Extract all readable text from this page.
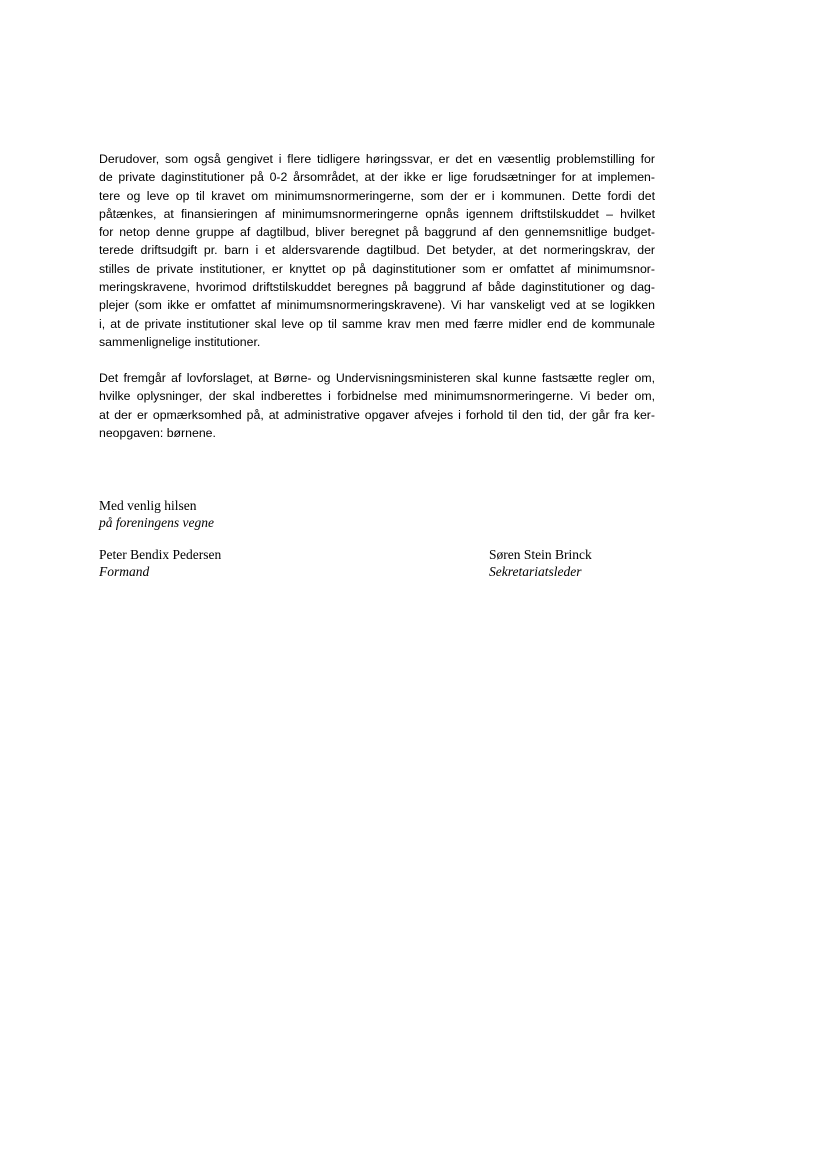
Derudover, som også gengivet i flere tidligere høringssvar, er det en væsentlig problemstilling for
de private daginstitutioner på 0-2 årsområdet, at der ikke er lige forudsætninger for at implemen-
tere og leve op til kravet om minimumsnormeringerne, som der er i kommunen. Dette fordi det
påtænkes, at finansieringen af minimumsnormeringerne opnås igennem driftstilskuddet – hvilket
for netop denne gruppe af dagtilbud, bliver beregnet på baggrund af den gennemsnitlige budget-
terede driftsudgift pr. barn i et aldersvarende dagtilbud. Det betyder, at det normeringskrav, der
stilles de private institutioner, er knyttet op på daginstitutioner som er omfattet af minimumsnor-
meringskravene, hvorimod driftstilskuddet beregnes på baggrund af både daginstitutioner og dag-
plejer (som ikke er omfattet af minimumsnormeringskravene). Vi har vanskeligt ved at se logikken
i, at de private institutioner skal leve op til samme krav men med færre midler end de kommunale
sammenlignelige institutioner.
Det fremgår af lovforslaget, at Børne- og Undervisningsministeren skal kunne fastsætte regler om,
hvilke oplysninger, der skal indberettes i forbidnelse med minimumsnormeringerne. Vi beder om,
at der er opmærksomhed på, at administrative opgaver afvejes i forhold til den tid, der går fra ker-
neopgaven: børnene.
Med venlig hilsen
på foreningens vegne
Peter Bendix Pedersen
Formand
Søren Stein Brinck
Sekretariatsleder
